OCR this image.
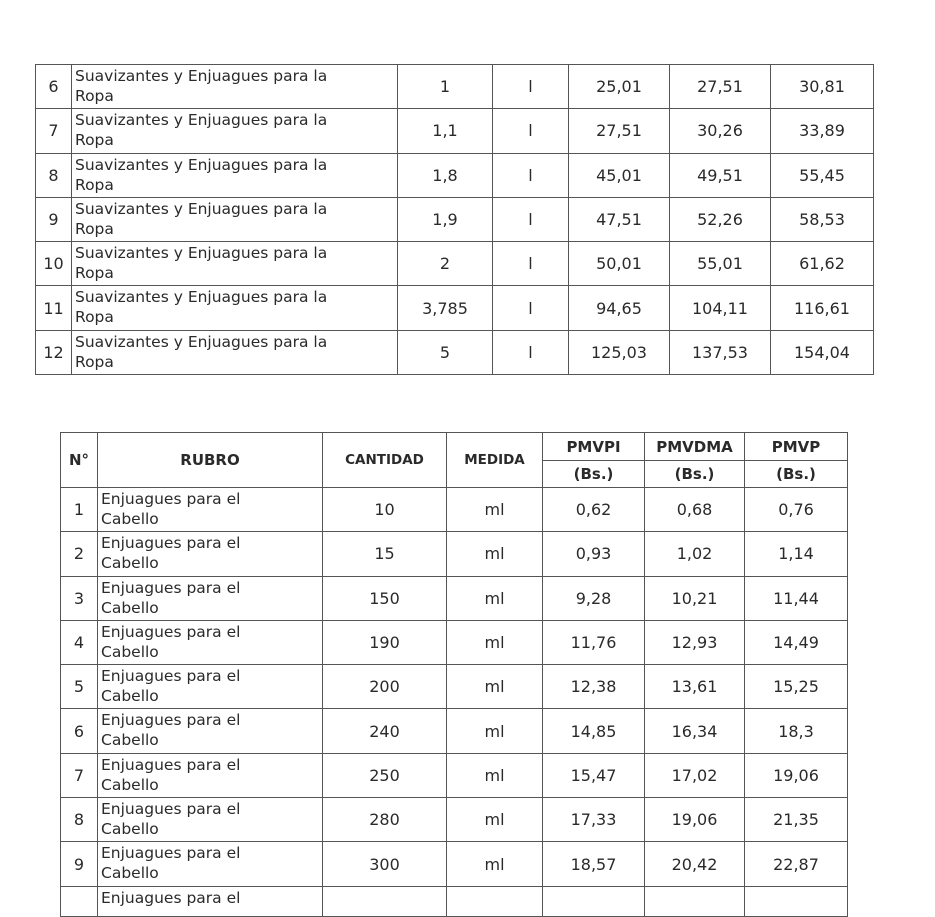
6	Suavizantes y Enjuagues para la
Ropa	1	l	25,01	27,51	30,81
7	Suavizantes y Enjuagues para la
Ropa	1,1	l	27,51	30,26	33,89
8	Suavizantes y Enjuagues para la
Ropa	1,8	l	45,01	49,51	55,45
9	Suavizantes y Enjuagues para la
Ropa	1,9	l	47,51	52,26	58,53
10	Suavizantes y Enjuagues para la
Ropa	2	l	50,01	55,01	61,62
11	Suavizantes y Enjuagues para la
Ropa	3,785	l	94,65	104,11	116,61
12	Suavizantes y Enjuagues para la
Ropa	5	l	125,03	137,53	154,04
N°	RUBRO	CANTIDAD	MEDIDA	PMVPI	PMVDMA	PMVP
				(Bs.)	(Bs.)	(Bs.)
1	Enjuagues para el
Cabello	10	ml	0,62	0,68	0,76
2	Enjuagues para el
Cabello	15	ml	0,93	1,02	1,14
3	Enjuagues para el
Cabello	150	ml	9,28	10,21	11,44
4	Enjuagues para el
Cabello	190	ml	11,76	12,93	14,49
5	Enjuagues para el
Cabello	200	ml	12,38	13,61	15,25
6	Enjuagues para el
Cabello	240	ml	14,85	16,34	18,3
7	Enjuagues para el
Cabello	250	ml	15,47	17,02	19,06
8	Enjuagues para el
Cabello	280	ml	17,33	19,06	21,35
9	Enjuagues para el
Cabello	300	ml	18,57	20,42	22,87

	Enjuagues para el					
